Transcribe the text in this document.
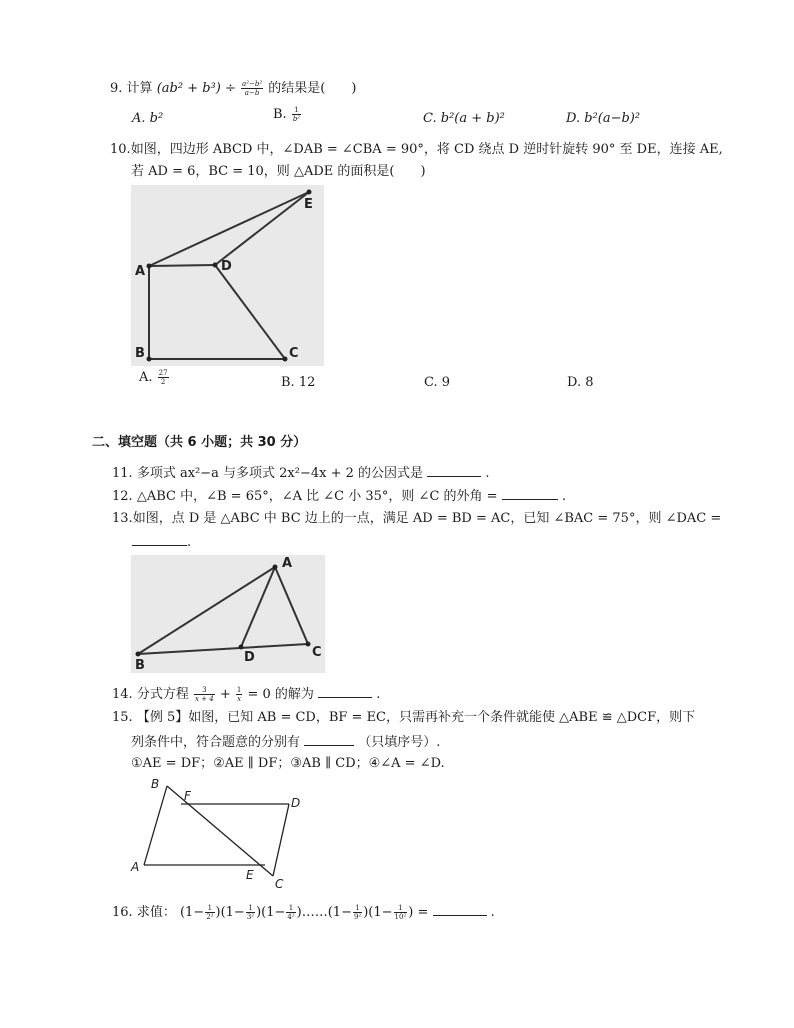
9. 计算 $(ab^2 + b^3) \div \frac{\text{a²−b²}}{a-b}$ 的结果是(　　)
A. b²	B. $\frac{1}{\text{b²}}$	C. b²(a + b)²	D. b²(a−b)²
10.如图，四边形 ABCD 中，∠DAB = ∠CBA = 90°，将 CD 绕点 D 逆时针旋转 90° 至 DE，连接 AE,
若 AD = 6，BC = 10，则 △ADE 的面积是(　　)
A	D
B	C
E
A. $\frac{27}{2}$	B. 12	C. 9	D. 8
二、填空题（共 6 小题；共 30 分）
11. 多项式 ax²−a 与多项式 2x²−4x + 2 的公因式是	.
12. △ABC 中，∠B = 65°，∠A 比 ∠C 小 35°，则 ∠C 的外角 =	.
13.如图，点 D 是 △ABC 中 BC 边上的一点，满足 AD = BD = AC，已知 ∠BAC = 75°，则 ∠DAC =
.
A
B
D	C
14. 分式方程 $\frac{3}{x + 4} + \frac{1}{x} = 0$ 的解为	.
15. 【例 5】如图，已知 AB = CD，BF = EC，只需再补充一个条件就能使 △ABE ≌ △DCF，则下
列条件中，符合题意的分别有	（只填序号）.
①AE = DF；②AE ∥ DF；③AB ∥ CD；④∠A = ∠D.
B
F	D
A
E
C
16. 求值： $(1- \frac{1}{\text{2²}} )(1- \frac{1}{\text{3²}} )(1- \frac{1}{\text{4²}}$ )……(1− $\frac{1}{\text{9²}} )(1- \frac{1}{\text{10²}}$ ) =	.
